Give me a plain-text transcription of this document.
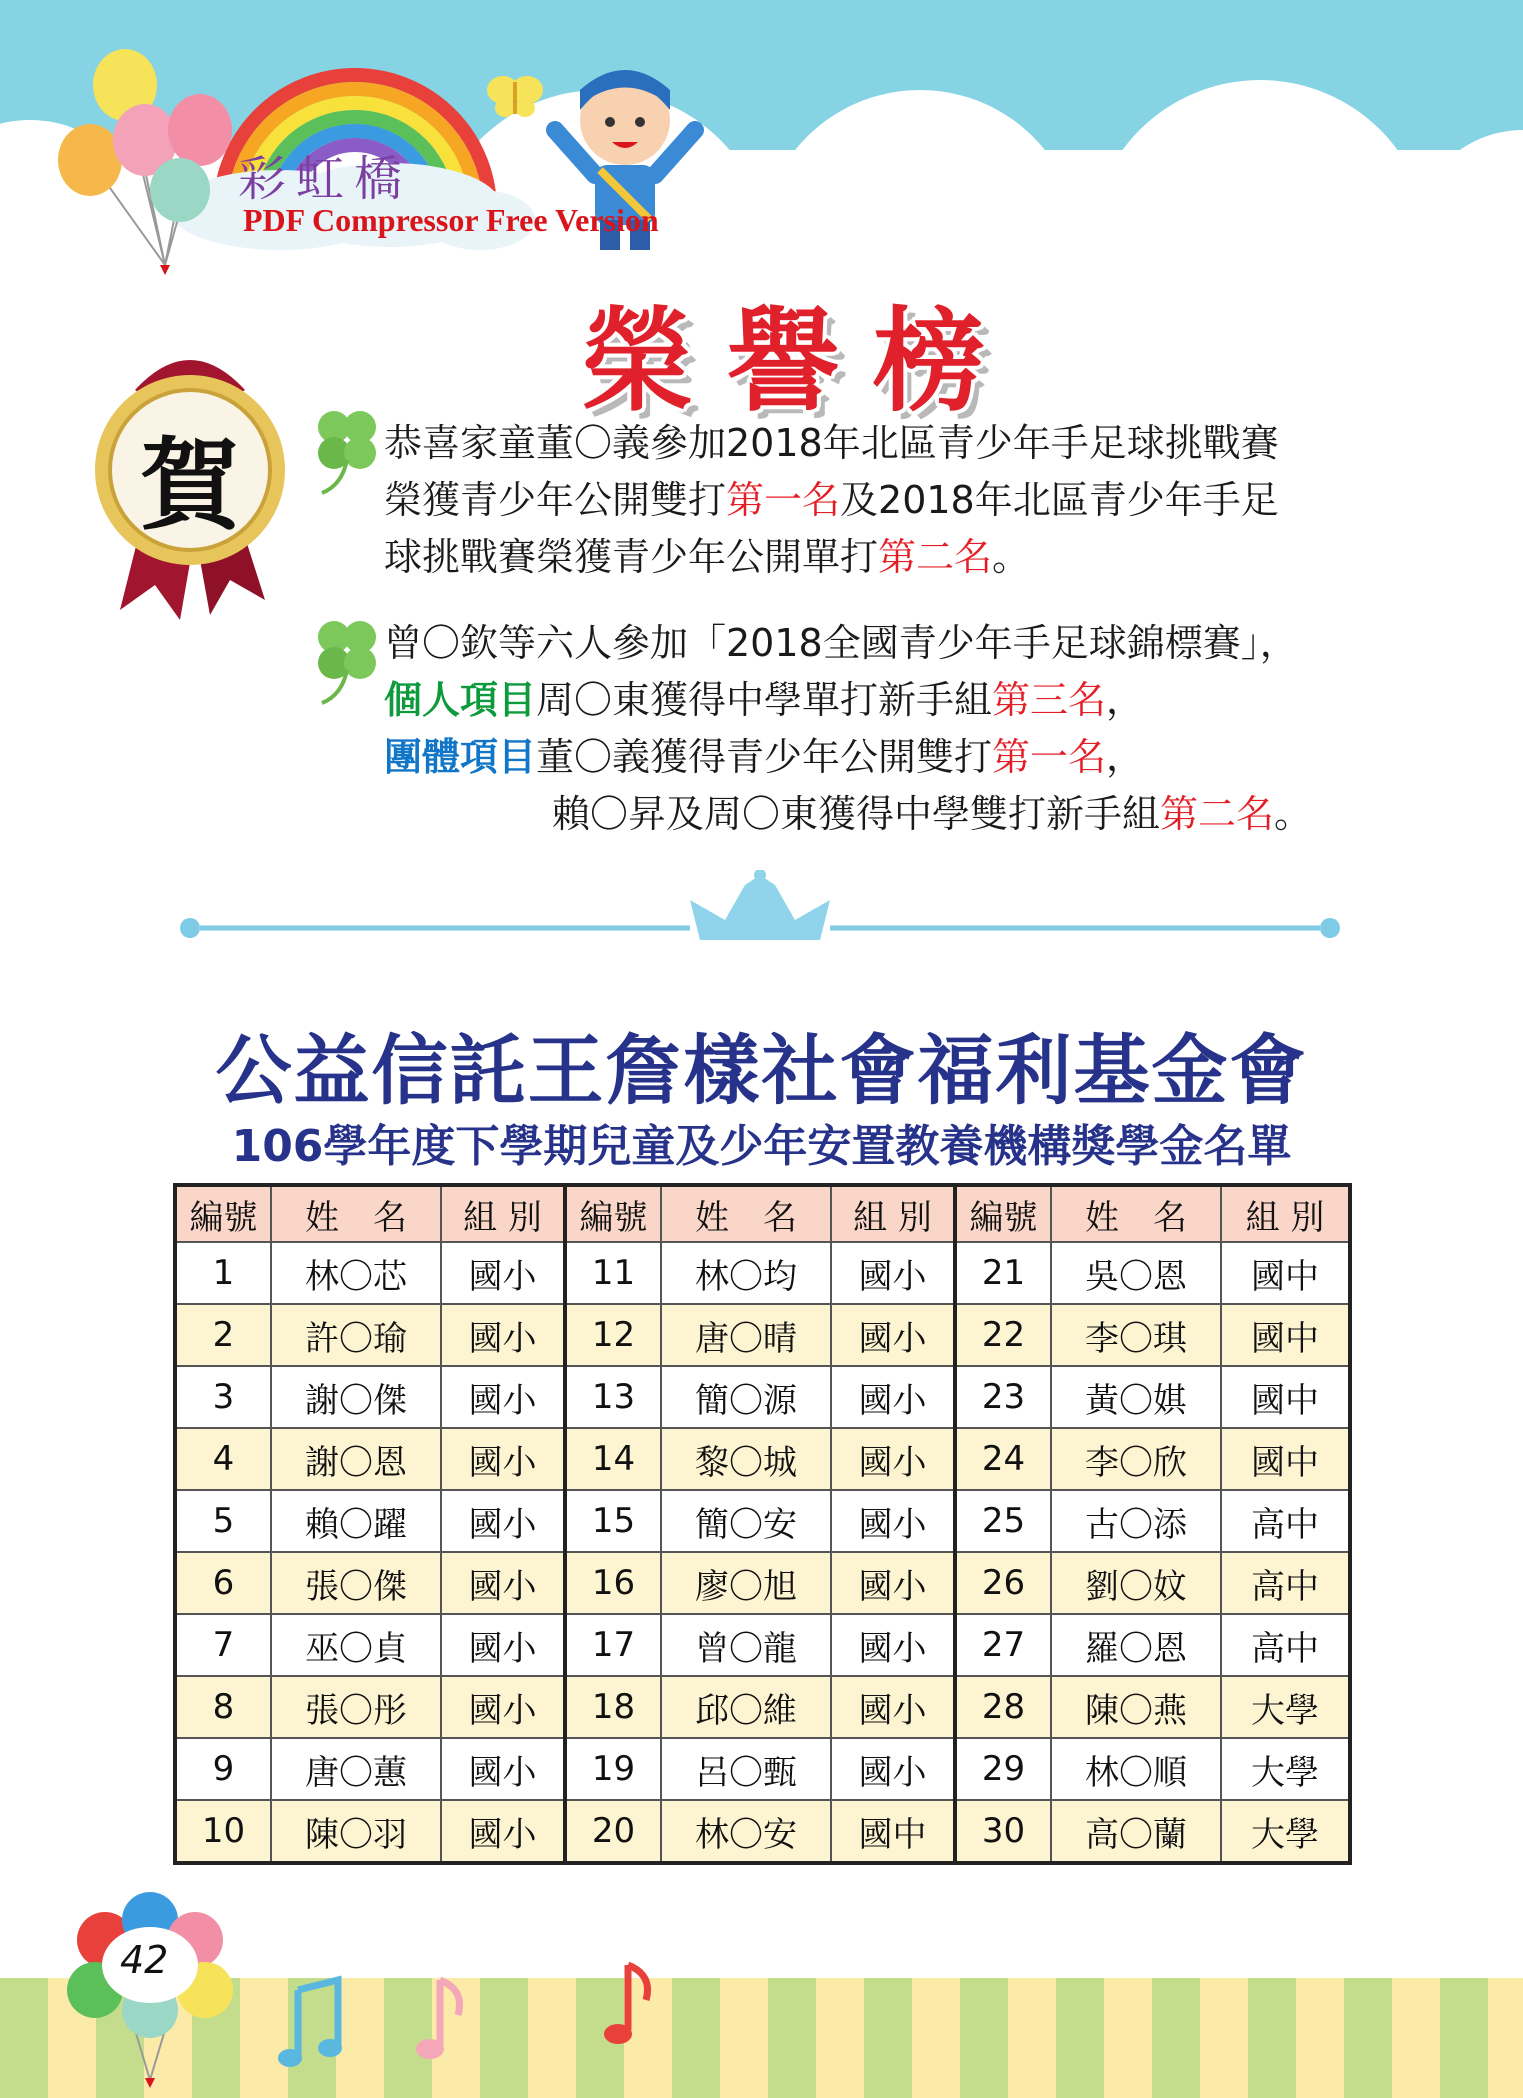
彩虹橋
PDF Compressor Free Version
賀
榮譽榜
恭喜家童董〇義參加2018年北區青少年手足球挑戰賽
榮獲青少年公開雙打第一名及2018年北區青少年手足
球挑戰賽榮獲青少年公開單打第二名。
曾〇欽等六人參加「2018全國青少年手足球錦標賽」，
個人項目周〇東獲得中學單打新手組第三名，
團體項目董〇義獲得青少年公開雙打第一名，
賴〇昇及周〇東獲得中學雙打新手組第二名。
公益信託王詹樣社會福利基金會
106學年度下學期兒童及少年安置教養機構獎學金名單
編號	姓　名	組 別	編號	姓　名	組 別	編號	姓　名	組 別
1	林〇芯	國小	11	林〇均	國小	21	吳〇恩	國中
2	許〇瑜	國小	12	唐〇晴	國小	22	李〇琪	國中
3	謝〇傑	國小	13	簡〇源	國小	23	黃〇娸	國中
4	謝〇恩	國小	14	黎〇城	國小	24	李〇欣	國中
5	賴〇躍	國小	15	簡〇安	國小	25	古〇添	高中
6	張〇傑	國小	16	廖〇旭	國小	26	劉〇妏	高中
7	巫〇貞	國小	17	曾〇龍	國小	27	羅〇恩	高中
8	張〇彤	國小	18	邱〇維	國小	28	陳〇燕	大學
9	唐〇蕙	國小	19	呂〇甄	國小	29	林〇順	大學
10	陳〇羽	國小	20	林〇安	國中	30	高〇蘭	大學
42
